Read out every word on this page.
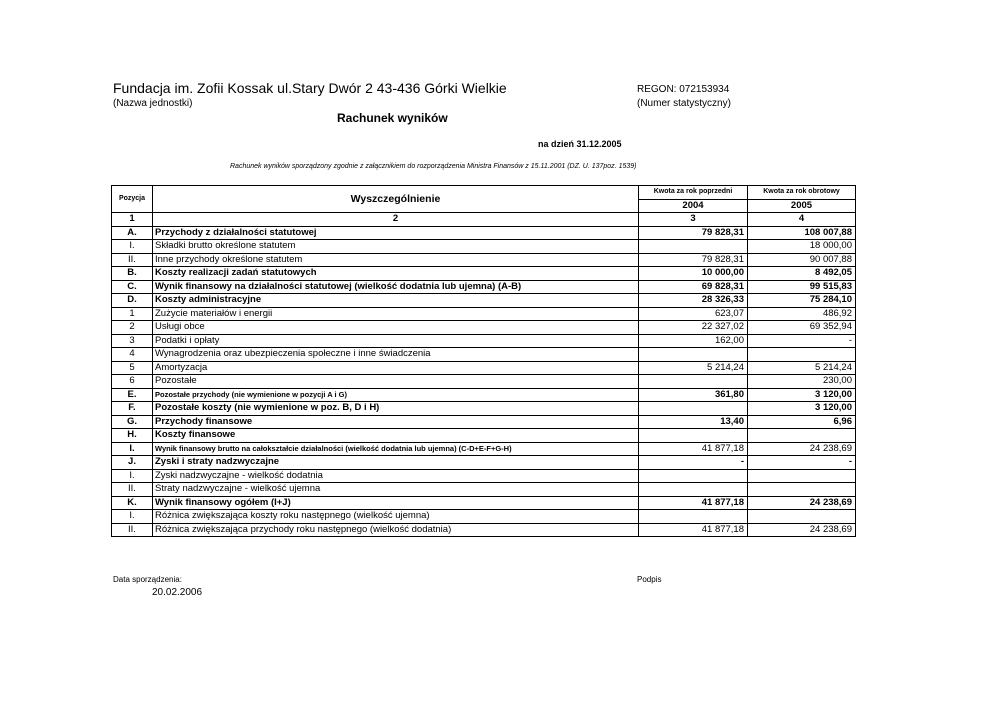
Fundacja im. Zofii Kossak ul.Stary Dwór 2 43-436 Górki Wielkie
(Nazwa jednostki)
REGON: 072153934
(Numer statystyczny)
Rachunek wyników
na dzień 31.12.2005
Rachunek wyników sporządzony zgodnie z załącznikiem do rozporządzenia Ministra Finansów z 15.11.2001 (DZ. U. 137poz. 1539)
Pozycja	Wyszczególnienie	Kwota za rok poprzedni	Kwota za rok obrotowy
		2004	2005
1	2	3	4
A.	Przychody z działalności statutowej	79 828,31	108 007,88
I.	Składki brutto określone statutem		18 000,00
II.	Inne przychody określone statutem	79 828,31	90 007,88
B.	Koszty realizacji zadań statutowych	10 000,00	8 492,05
C.	Wynik finansowy na działalności statutowej (wielkość dodatnia lub ujemna) (A-B)	69 828,31	99 515,83
D.	Koszty administracyjne	28 326,33	75 284,10
1	Zużycie materiałów i energii	623,07	486,92
2	Usługi obce	22 327,02	69 352,94
3	Podatki i opłaty	162,00	-
4	Wynagrodzenia oraz ubezpieczenia społeczne i inne świadczenia		
5	Amortyzacja	5 214,24	5 214,24
6	Pozostałe		230,00
E.	Pozostałe przychody (nie wymienione w pozycji A i G)	361,80	3 120,00
F.	Pozostałe koszty (nie wymienione w poz. B, D i H)		3 120,00
G.	Przychody finansowe	13,40	6,96
H.	Koszty finansowe		
I.	Wynik finansowy brutto na całokształcie działalności (wielkość dodatnia lub ujemna) (C-D+E-F+G-H)	41 877,18	24 238,69
J.	Zyski i straty nadzwyczajne	-	-
I.	Zyski nadzwyczajne - wielkość dodatnia		
II.	Straty nadzwyczajne - wielkość ujemna		
K.	Wynik finansowy ogółem (I+J)	41 877,18	24 238,69
I.	Różnica zwiększająca koszty roku następnego (wielkość ujemna)		
II.	Różnica zwiększająca przychody roku następnego (wielkość dodatnia)	41 877,18	24 238,69
Data sporządzenia:
20.02.2006
Podpis
